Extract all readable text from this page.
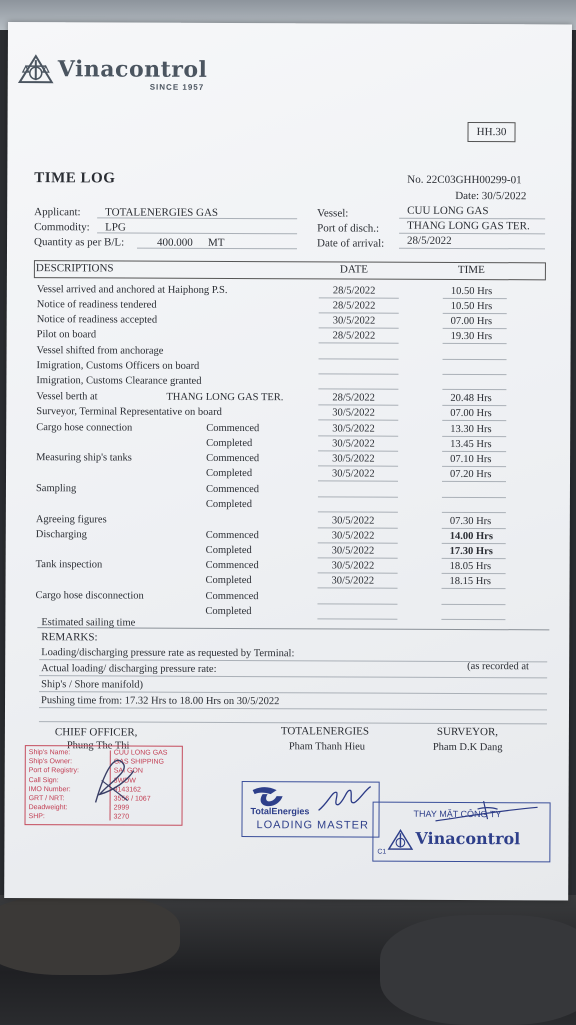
Vinacontrol
SINCE 1957
HH.30
TIME LOG	No. 22C03GHH00299-01
Date: 30/5/2022
Applicant: TOTALENERGIES GAS
Commodity: LPG
Quantity as per B/L:	400.000 MT
Vessel:	CUU LONG GAS
Port of disch.:	THANG LONG GAS TER.
Date of arrival: 28/5/2022
DESCRIPTIONS	DATE	TIME
Vessel arrived and anchored at Haiphong P.S.	28/5/2022	10.50 Hrs
Notice of readiness tendered	28/5/2022	10.50 Hrs
Notice of readiness accepted	30/5/2022	07.00 Hrs
Pilot on board	28/5/2022	19.30 Hrs
Vessel shifted from anchorage
Imigration, Customs Officers on board
Imigration, Customs Clearance granted
Vessel berth at	THANG LONG GAS TER.	28/5/2022	20.48 Hrs
Surveyor, Terminal Representative on board	30/5/2022	07.00 Hrs
Cargo hose connection	Commenced	30/5/2022	13.30 Hrs
Completed	30/5/2022	13.45 Hrs
Measuring ship's tanks	Commenced	30/5/2022	07.10 Hrs
Completed	30/5/2022	07.20 Hrs
Sampling	Commenced
Completed
Agreeing figures	30/5/2022	07.30 Hrs
Discharging	Commenced	30/5/2022	14.00 Hrs
Completed	30/5/2022	17.30 Hrs
Tank inspection	Commenced	30/5/2022	18.05 Hrs
Completed	30/5/2022	18.15 Hrs
Cargo hose disconnection	Commenced
Completed
Estimated sailing time
REMARKS:
Loading/discharging pressure rate as requested by Terminal:
Actual loading/ discharging pressure rate:	(as recorded at
Ship's / Shore manifold)
Pushing time from: 17.32 Hrs to 18.00 Hrs on 30/5/2022
CHIEF OFFICER,
Phung The Thi
TOTALENERGIES
Pham Thanh Hieu
SURVEYOR,
Pham D.K Dang
Ship's Name:	CUU LONG GAS
Ship's Owner:	GAS SHIPPING
Port of Registry:	SAI GON
Call Sign:	3WDW
IMO Number:	9143162
GRT / NRT:	3556 / 1067
Deadweight:	2999
SHP:	3270
TotalEnergies
LOADING MASTER
THAY MẶT CÔNG TY
Vinacontrol
C1
